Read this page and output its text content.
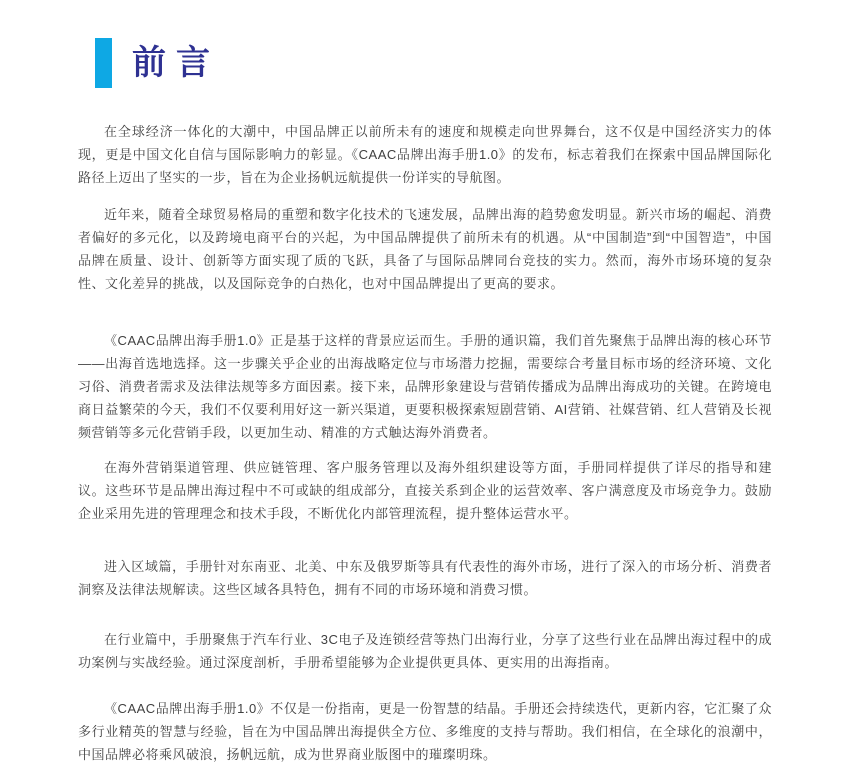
前言

在全球经济一体化的大潮中，中国品牌正以前所未有的速度和规模走向世界舞台，这不仅是中国经济实力的体现，更是中国文化自信与国际影响力的彰显。《CAAC品牌出海手册1.0》的发布，标志着我们在探索中国品牌国际化路径上迈出了坚实的一步，旨在为企业扬帆远航提供一份详实的导航图。

近年来，随着全球贸易格局的重塑和数字化技术的飞速发展，品牌出海的趋势愈发明显。新兴市场的崛起、消费者偏好的多元化，以及跨境电商平台的兴起，为中国品牌提供了前所未有的机遇。从“中国制造”到“中国智造”，中国品牌在质量、设计、创新等方面实现了质的飞跃，具备了与国际品牌同台竞技的实力。然而，海外市场环境的复杂性、文化差异的挑战，以及国际竞争的白热化，也对中国品牌提出了更高的要求。

《CAAC品牌出海手册1.0》正是基于这样的背景应运而生。手册的通识篇，我们首先聚焦于品牌出海的核心环节——出海首选地选择。这一步骤关乎企业的出海战略定位与市场潜力挖掘，需要综合考量目标市场的经济环境、文化习俗、消费者需求及法律法规等多方面因素。接下来，品牌形象建设与营销传播成为品牌出海成功的关键。在跨境电商日益繁荣的今天，我们不仅要利用好这一新兴渠道，更要积极探索短剧营销、AI营销、社媒营销、红人营销及长视频营销等多元化营销手段，以更加生动、精准的方式触达海外消费者。

在海外营销渠道管理、供应链管理、客户服务管理以及海外组织建设等方面，手册同样提供了详尽的指导和建议。这些环节是品牌出海过程中不可或缺的组成部分，直接关系到企业的运营效率、客户满意度及市场竞争力。鼓励企业采用先进的管理理念和技术手段，不断优化内部管理流程，提升整体运营水平。

进入区域篇，手册针对东南亚、北美、中东及俄罗斯等具有代表性的海外市场，进行了深入的市场分析、消费者洞察及法律法规解读。这些区域各具特色，拥有不同的市场环境和消费习惯。

在行业篇中，手册聚焦于汽车行业、3C电子及连锁经营等热门出海行业，分享了这些行业在品牌出海过程中的成功案例与实战经验。通过深度剖析，手册希望能够为企业提供更具体、更实用的出海指南。

《CAAC品牌出海手册1.0》不仅是一份指南，更是一份智慧的结晶。手册还会持续迭代，更新内容，它汇聚了众多行业精英的智慧与经验，旨在为中国品牌出海提供全方位、多维度的支持与帮助。我们相信，在全球化的浪潮中，中国品牌必将乘风破浪，扬帆远航，成为世界商业版图中的璀璨明珠。
